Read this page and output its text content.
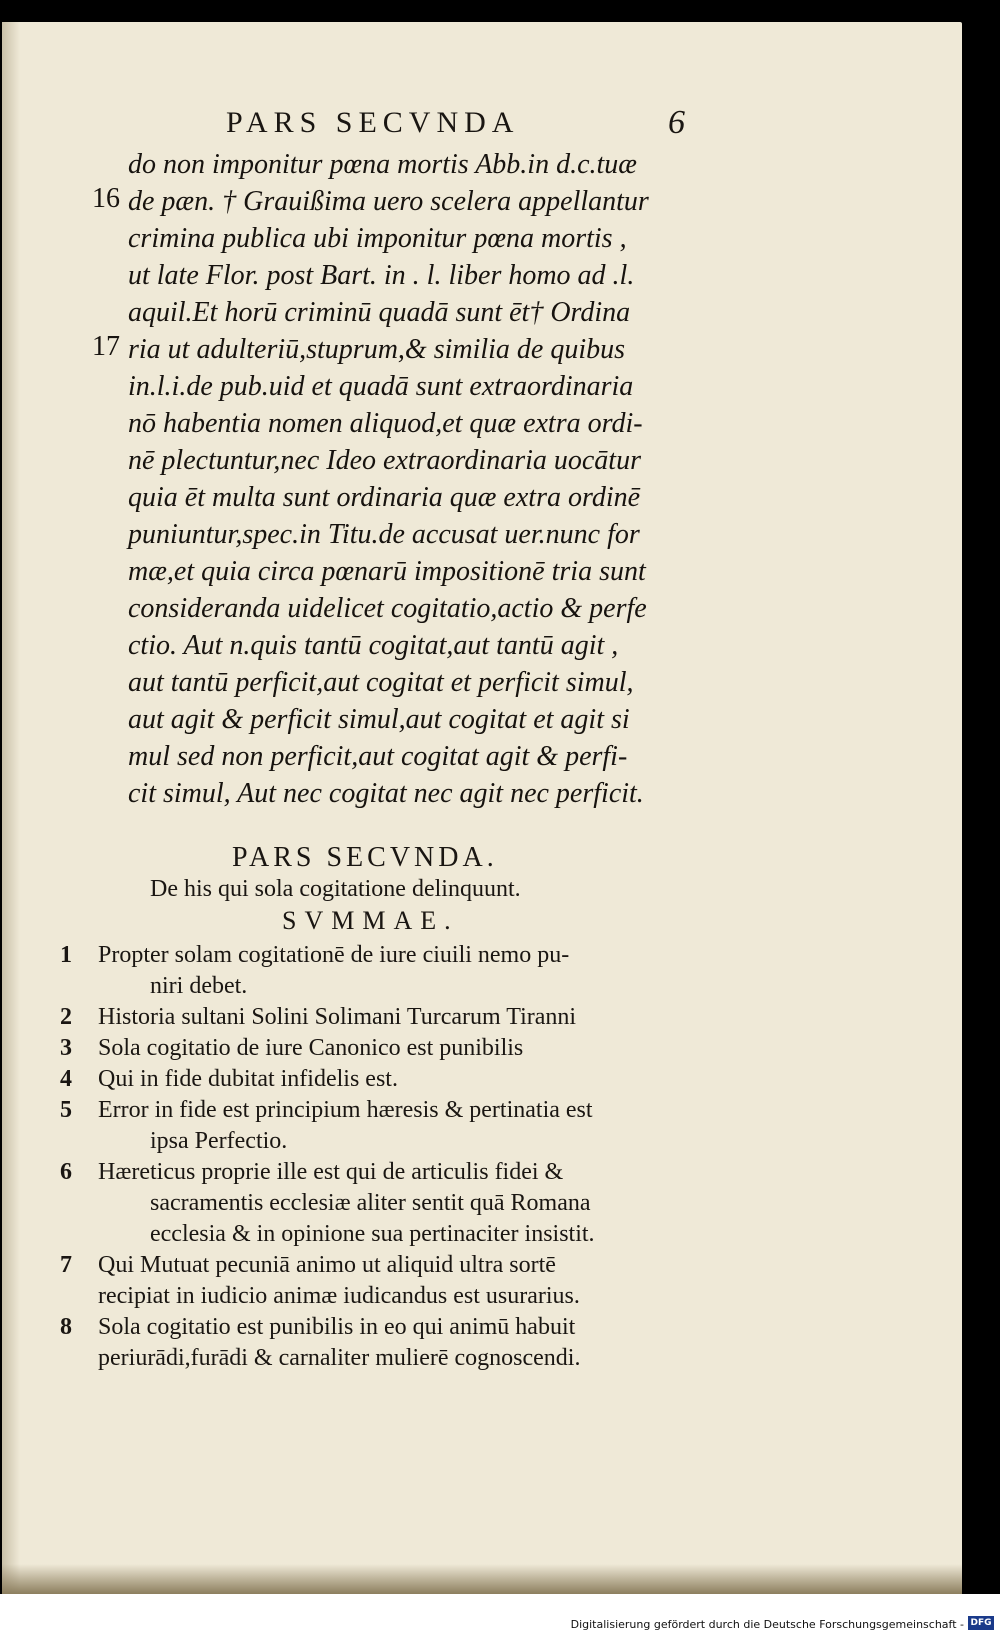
PARS SECVNDA	6
16
17
do non imponitur pœna mortis Abb.in d.c.tuæ
de pæn. † Grauißima uero scelera appellantur
crimina publica ubi imponitur pœna mortis ,
ut late Flor. post Bart. in . l. liber homo ad .l.
aquil.Et horū criminū quadā sunt ēt† Ordina
ria ut adulteriū,stuprum,& similia de quibus
in.l.i.de pub.uid et quadā sunt extraordinaria
nō habentia nomen aliquod,et quæ extra ordi-
nē plectuntur,nec Ideo extraordinaria uocātur
quia ēt multa sunt ordinaria quæ extra ordinē
puniuntur,spec.in Titu.de accusat uer.nunc for
mæ,et quia circa pœnarū impositionē tria sunt
consideranda uidelicet cogitatio,actio & perfe
ctio. Aut n.quis tantū cogitat,aut tantū agit ,
aut tantū perficit,aut cogitat et perficit simul,
aut agit & perficit simul,aut cogitat et agit si
mul sed non perficit,aut cogitat agit & perfi-
cit simul, Aut nec cogitat nec agit nec perficit.
PARS SECVNDA.
De his qui sola cogitatione delinquunt.
SVMMAE.
1	Propter solam cogitationē de iure ciuili nemo pu-
niri debet.
2	Historia sultani Solini Solimani Turcarum Tiranni
3	Sola cogitatio de iure Canonico est punibilis
4	Qui in fide dubitat infidelis est.
5	Error in fide est principium hæresis & pertinatia est
ipsa Perfectio.
6	Hæreticus proprie ille est qui de articulis fidei &
sacramentis ecclesiæ aliter sentit quā Romana
ecclesia & in opinione sua pertinaciter insistit.
7	Qui Mutuat pecuniā animo ut aliquid ultra sortē
recipiat in iudicio animæ iudicandus est usurarius.
8	Sola cogitatio est punibilis in eo qui animū habuit
periurādi,furādi & carnaliter mulierē cognoscendi.
Digitalisierung gefördert durch die Deutsche Forschungsgemeinschaft - DFG
